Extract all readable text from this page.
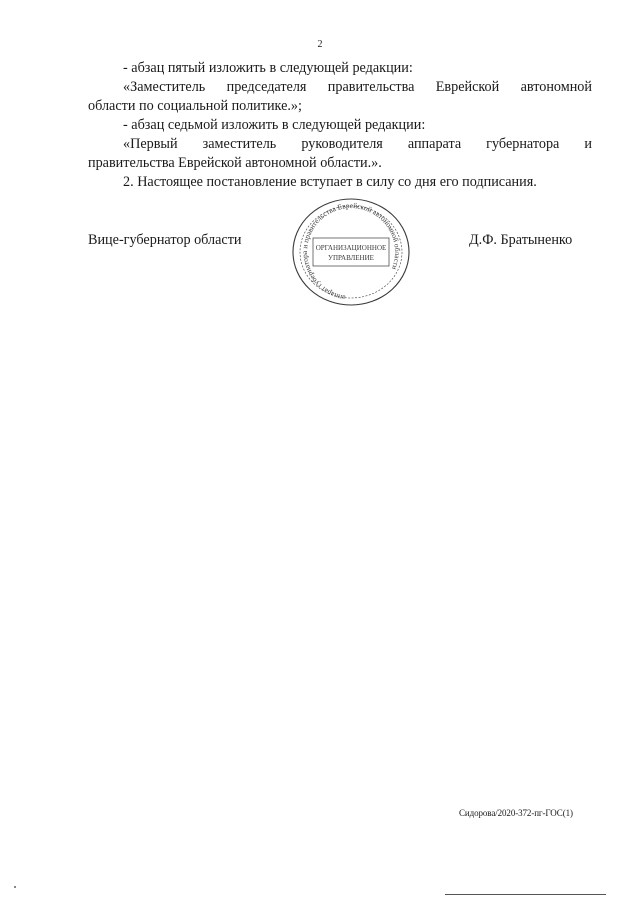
2

- абзац пятый изложить в следующей редакции:

«Заместитель председателя правительства Еврейской автономной

области по социальной политике.»;

- абзац седьмой изложить в следующей редакции:

«Первый заместитель руководителя аппарата губернатора и

правительства Еврейской автономной области.».

2. Настоящее постановление вступает в силу со дня его подписания.

Вице-губернатор области
аппарат губернатора и правительства Еврейской автономной области
ОРГАНИЗАЦИОННОЕ
УПРАВЛЕНИЕ
Д.Ф. Братыненко
Сидорова/2020-372-пг-ГОС(1)
